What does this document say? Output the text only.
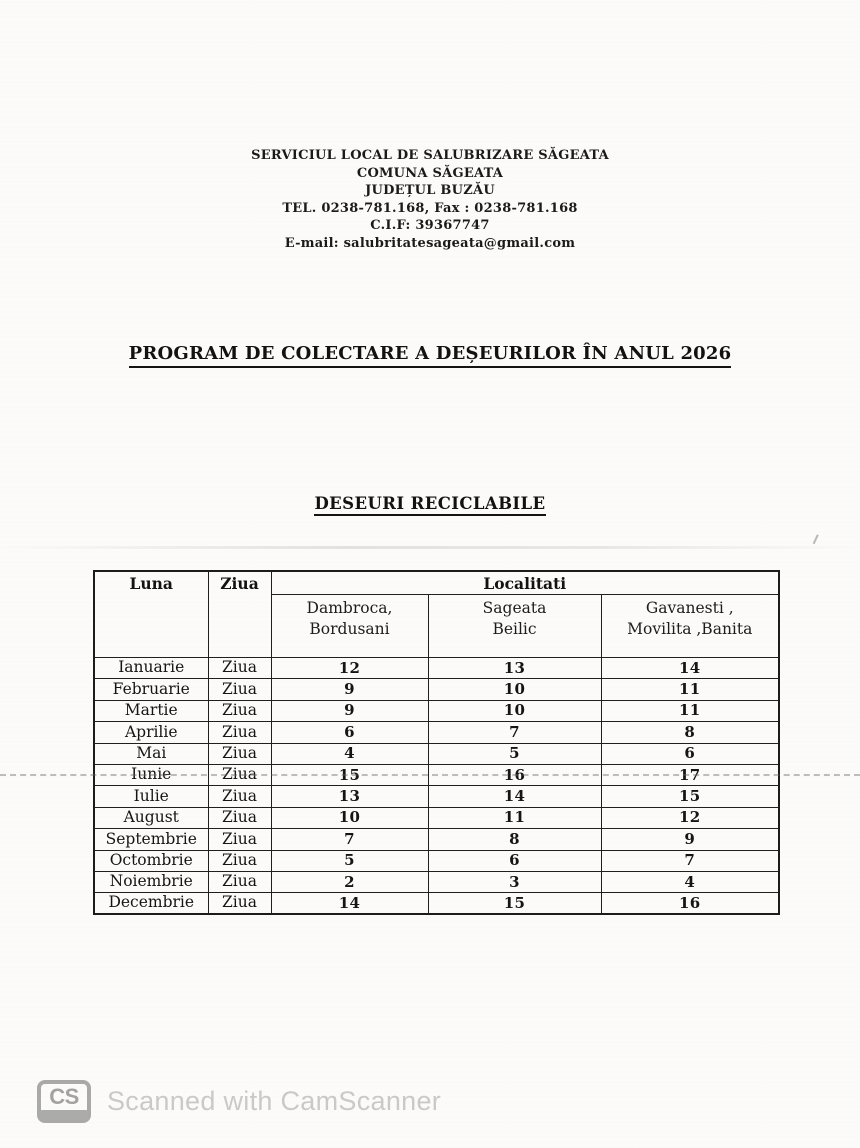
SERVICIUL LOCAL DE SALUBRIZARE SĂGEATA
COMUNA SĂGEATA
JUDEȚUL BUZĂU
TEL. 0238-781.168, Fax : 0238-781.168
C.I.F: 39367747
E-mail: salubritatesageata@gmail.com
PROGRAM DE COLECTARE A DEȘEURILOR ÎN ANUL 2026
DESEURI RECICLABILE
Luna	Ziua	Localitati		

Dambroca,
Bordusani

Sageata
Beilic

Gavanesti ,
Movilita ,Banita

Ianuarie	Ziua	12	13	14
Februarie	Ziua	9	10	11
Martie	Ziua	9	10	11
Aprilie	Ziua	6	7	8
Mai	Ziua	4	5	6
Iunie	Ziua	15	16	17
Iulie	Ziua	13	14	15
August	Ziua	10	11	12
Septembrie	Ziua	7	8	9
Octombrie	Ziua	5	6	7
Noiembrie	Ziua	2	3	4
Decembrie	Ziua	14	15	16
CS Scanned with CamScanner
